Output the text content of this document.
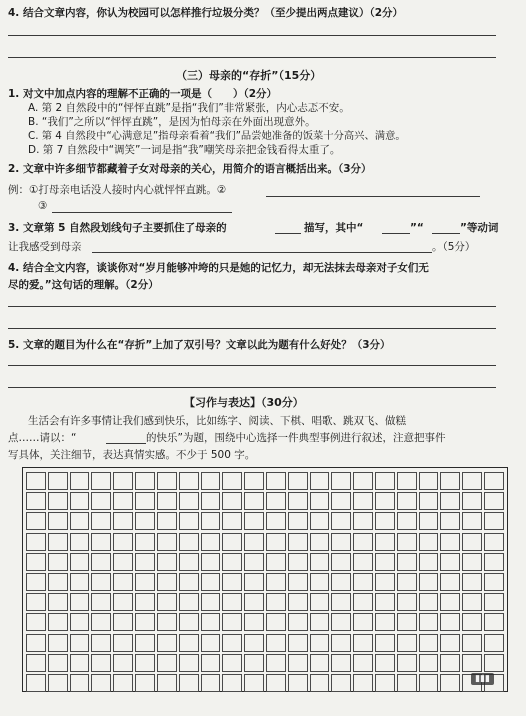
4. 结合文章内容，你认为校园可以怎样推行垃圾分类？（至少提出两点建议）（2分）
（三）母亲的“存折”（15分）
1. 对文中加点内容的理解不正确的一项是（　　）（2分）
A. 第 2 自然段中的“怦怦直跳”是指“我们”非常紧张，内心忐忑不安。
B. “我们”之所以“怦怦直跳”，是因为怕母亲在外面出现意外。
C. 第 4 自然段中“心满意足”指母亲看着“我们”品尝她准备的饭菜十分高兴、满意。
D. 第 7 自然段中“调笑”一词是指“我”嘲笑母亲把金钱看得太重了。
2. 文章中许多细节都藏着子女对母亲的关心，用简介的语言概括出来。（3分）
例：①打母亲电话没人接时内心就怦怦直跳。②
③
3. 文章第 5 自然段划线句子主要抓住了母亲的	描写，其中“	”“	”等动词
让我感受到母亲	。（5分）
4. 结合全文内容，谈谈你对“岁月能够冲垮的只是她的记忆力，却无法抹去母亲对子女们无
尽的爱。”这句话的理解。（2分）
5. 文章的题目为什么在“存折”上加了双引号？文章以此为题有什么好处？（3分）
【习作与表达】（30分）
生活会有许多事情让我们感到快乐，比如练字、阅读、下棋、唱歌、跳双飞、做糕
点……请以：“	的快乐”为题，围绕中心选择一件典型事例进行叙述，注意把事件
写具体，关注细节，表达真情实感。不少于 500 字。
▮▮▮
